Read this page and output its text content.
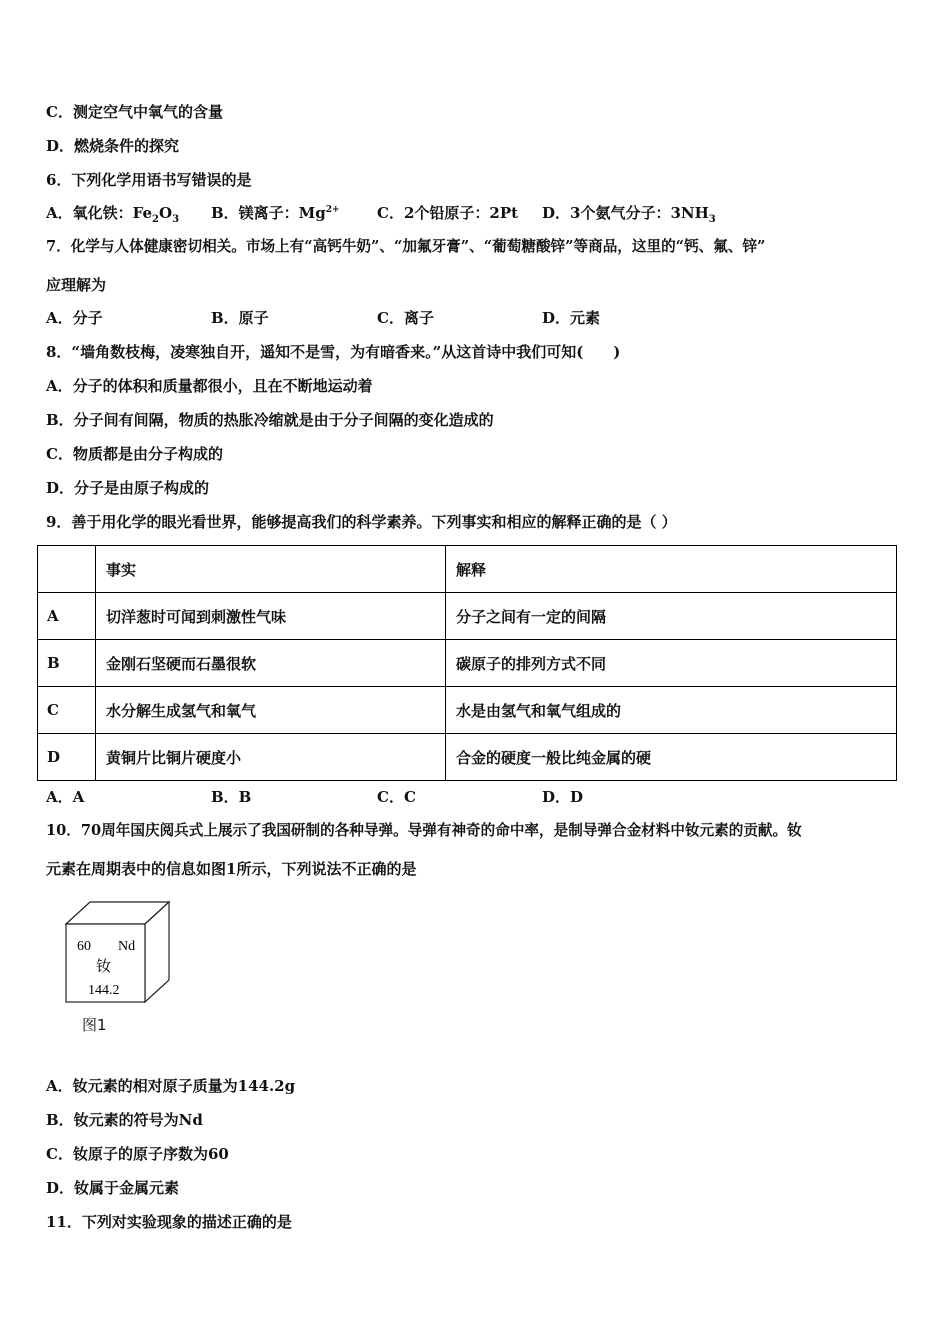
C．测定空气中氧气的含量
D．燃烧条件的探究
6．下列化学用语书写错误的是
A．氧化铁：$Fe_2O_3$ B．镁离子：$Mg^{2+}$ C．2个铅原子：2Pt D．3个氨气分子：$3NH_3$
7．化学与人体健康密切相关。市场上有“高钙牛奶”、“加氟牙膏”、“葡萄糖酸锌”等商品，这里的“钙、氟、锌”
应理解为
A．分子	B．原子	C．离子	D．元素
8．“墙角数枝梅，凌寒独自开，遥知不是雪，为有暗香来。”从这首诗中我们可知(　　)
A．分子的体积和质量都很小，且在不断地运动着
B．分子间有间隔，物质的热胀冷缩就是由于分子间隔的变化造成的
C．物质都是由分子构成的
D．分子是由原子构成的
9．善于用化学的眼光看世界，能够提高我们的科学素养。下列事实和相应的解释正确的是（ ）
	事实	解释
A	切洋葱时可闻到刺激性气味	分子之间有一定的间隔
B	金刚石坚硬而石墨很软	碳原子的排列方式不同
C	水分解生成氢气和氧气	水是由氢气和氧气组成的
D	黄铜片比铜片硬度小	合金的硬度一般比纯金属的硬
A．A	B．B	C．C	D．D
10．70周年国庆阅兵式上展示了我国研制的各种导弹。导弹有神奇的命中率，是制导弹合金材料中钕元素的贡献。钕
元素在周期表中的信息如图1所示，下列说法不正确的是
60 Nd
钕
144.2
图1
A．钕元素的相对原子质量为144.2g
B．钕元素的符号为Nd
C．钕原子的原子序数为60
D．钕属于金属元素
11．下列对实验现象的描述正确的是
